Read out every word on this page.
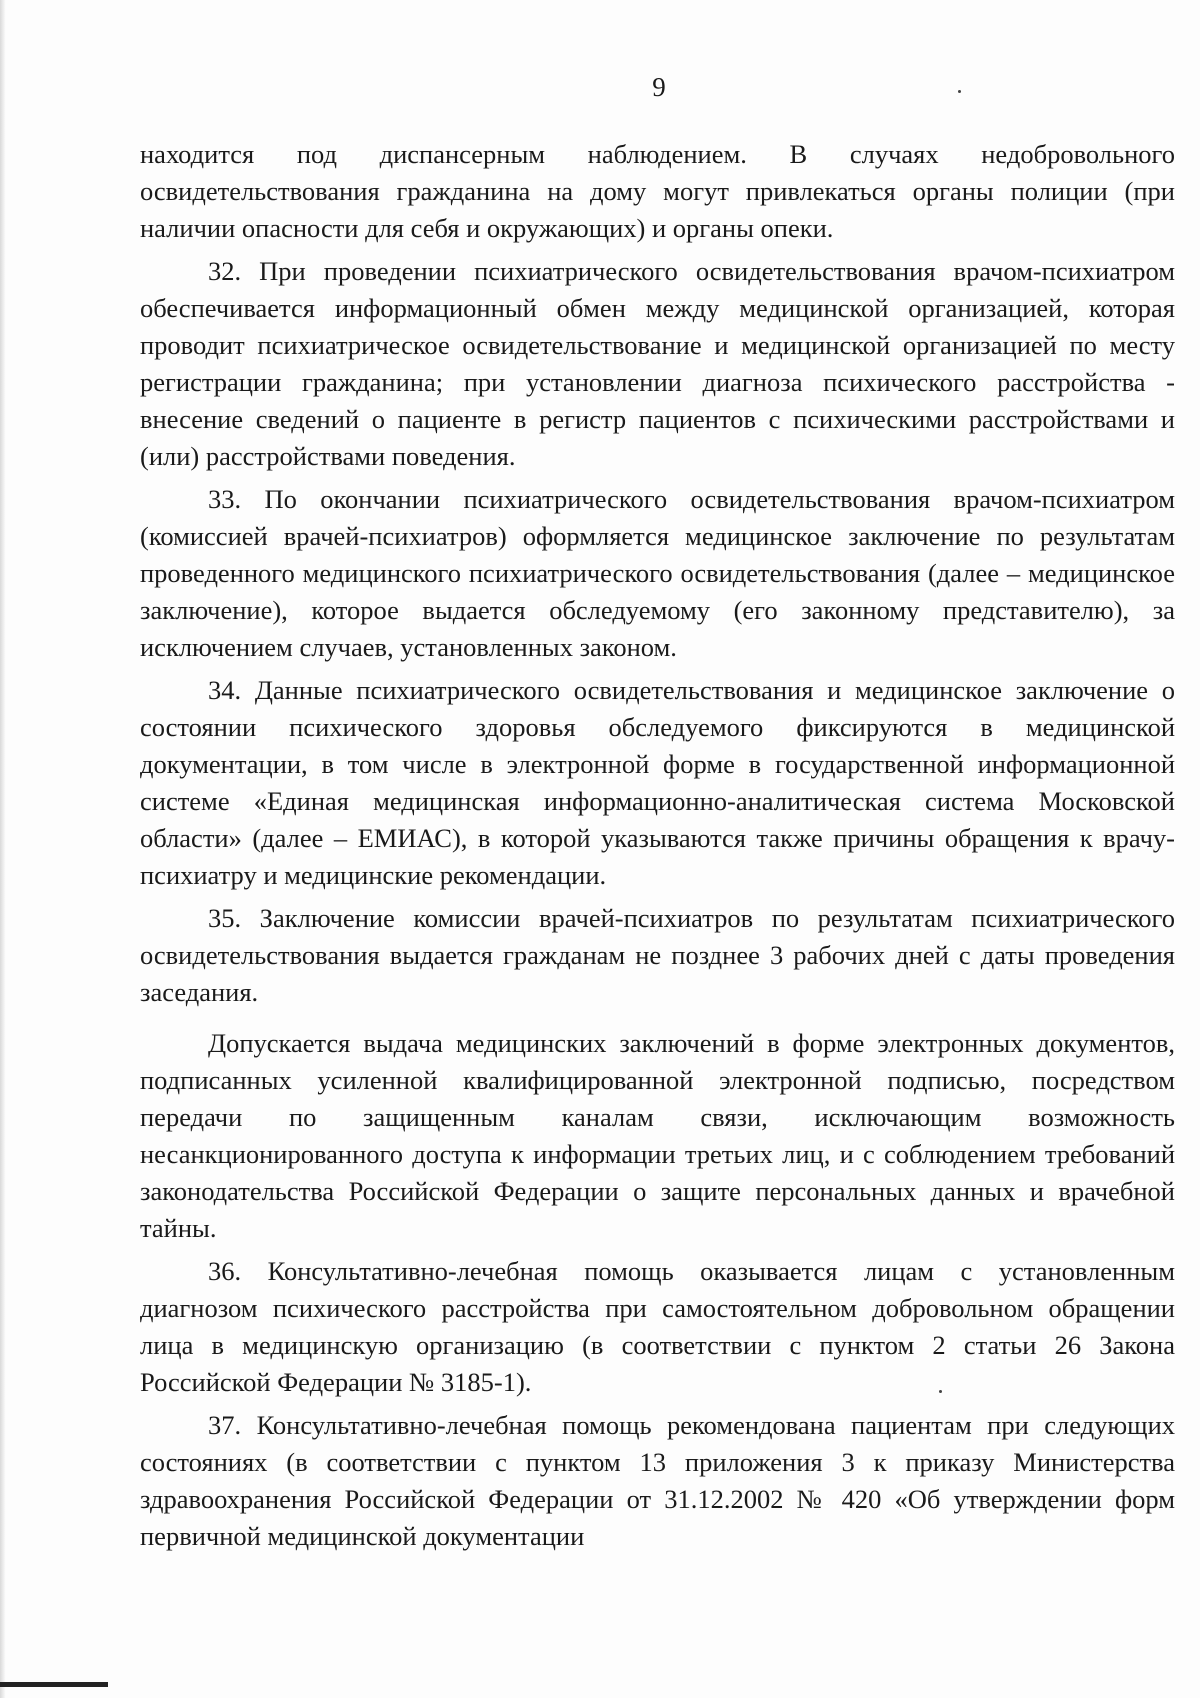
9

находится под диспансерным наблюдением. В случаях недобровольного освидетельствования гражданина на дому могут привлекаться органы полиции (при наличии опасности для себя и окружающих) и органы опеки.

32. При проведении психиатрического освидетельствования врачом-психиатром обеспечивается информационный обмен между медицинской организацией, которая проводит психиатрическое освидетельствование и медицинской организацией по месту регистрации гражданина; при установлении диагноза психического расстройства - внесение сведений о пациенте в регистр пациентов с психическими расстройствами и (или) расстройствами поведения.

33. По окончании психиатрического освидетельствования врачом-психиатром (комиссией врачей-психиатров) оформляется медицинское заключение по результатам проведенного медицинского психиатрического освидетельствования (далее – медицинское заключение), которое выдается обследуемому (его законному представителю), за исключением случаев, установленных законом.

34. Данные психиатрического освидетельствования и медицинское заключение о состоянии психического здоровья обследуемого фиксируются в медицинской документации, в том числе в электронной форме в государственной информационной системе «Единая медицинская информационно-аналитическая система Московской области» (далее – ЕМИАС), в которой указываются также причины обращения к врачу-психиатру и медицинские рекомендации.

35. Заключение комиссии врачей-психиатров по результатам психиатрического освидетельствования выдается гражданам не позднее 3 рабочих дней с даты проведения заседания.

Допускается выдача медицинских заключений в форме электронных документов, подписанных усиленной квалифицированной электронной подписью, посредством передачи по защищенным каналам связи, исключающим возможность несанкционированного доступа к информации третьих лиц, и с соблюдением требований законодательства Российской Федерации о защите персональных данных и врачебной тайны.

36. Консультативно-лечебная помощь оказывается лицам с установленным диагнозом психического расстройства при самостоятельном добровольном обращении лица в медицинскую организацию (в соответствии с пунктом 2 статьи 26 Закона Российской Федерации № 3185-1).

37. Консультативно-лечебная помощь рекомендована пациентам при следующих состояниях (в соответствии с пунктом 13 приложения 3 к приказу Министерства здравоохранения Российской Федерации от 31.12.2002 № 420 «Об утверждении форм первичной медицинской документации
